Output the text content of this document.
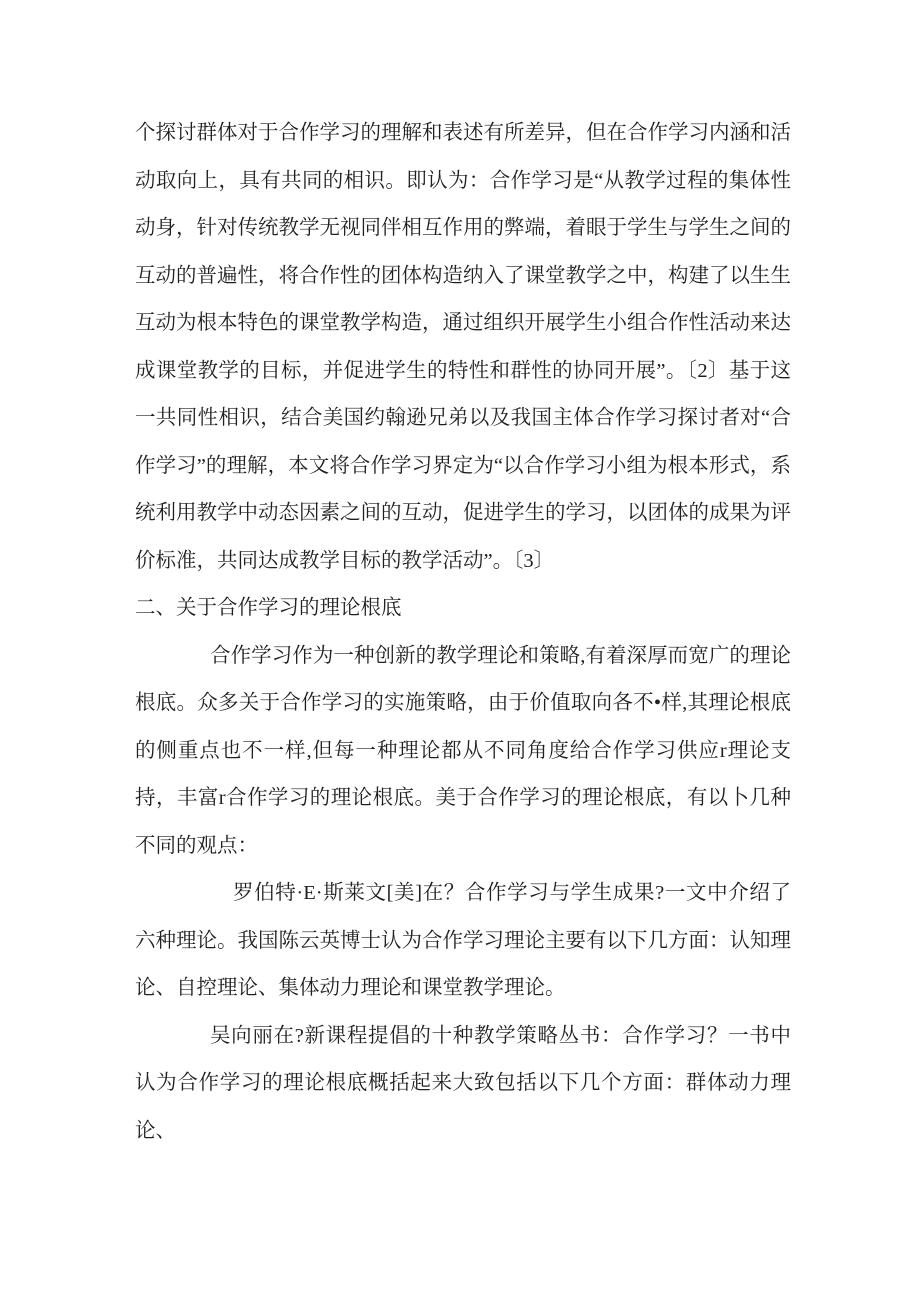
个探讨群体对于合作学习的理解和表述有所差异，但在合作学习内涵和活动取向上，具有共同的相识。即认为：合作学习是“从教学过程的集体性动身，针对传统教学无视同伴相互作用的弊端，着眼于学生与学生之间的互动的普遍性，将合作性的团体构造纳入了课堂教学之中，构建了以生生互动为根本特色的课堂教学构造，通过组织开展学生小组合作性活动来达成课堂教学的目标，并促进学生的特性和群性的协同开展”。〔2〕基于这一共同性相识，结合美国约翰逊兄弟以及我国主体合作学习探讨者对“合作学习”的理解，本文将合作学习界定为“以合作学习小组为根本形式，系统利用教学中动态因素之间的互动，促进学生的学习，以团体的成果为评价标准，共同达成教学目标的教学活动”。〔3〕

二、关于合作学习的理论根底

合作学习作为一种创新的教学理论和策略,有着深厚而宽广的理论根底。众多关于合作学习的实施策略，由于价值取向各不•样,其理论根底的侧重点也不一样,但每一种理论都从不同角度给合作学习供应r理论支持，丰富r合作学习的理论根底。美于合作学习的理论根底，有以卜几种不同的观点：

罗伯特·E·斯莱文[美]在？合作学习与学生成果?一文中介绍了六种理论。我国陈云英博士认为合作学习理论主要有以下几方面：认知理论、自控理论、集体动力理论和课堂教学理论。

吴向丽在?新课程提倡的十种教学策略丛书：合作学习？一书中认为合作学习的理论根底概括起来大致包括以下几个方面：群体动力理论、
